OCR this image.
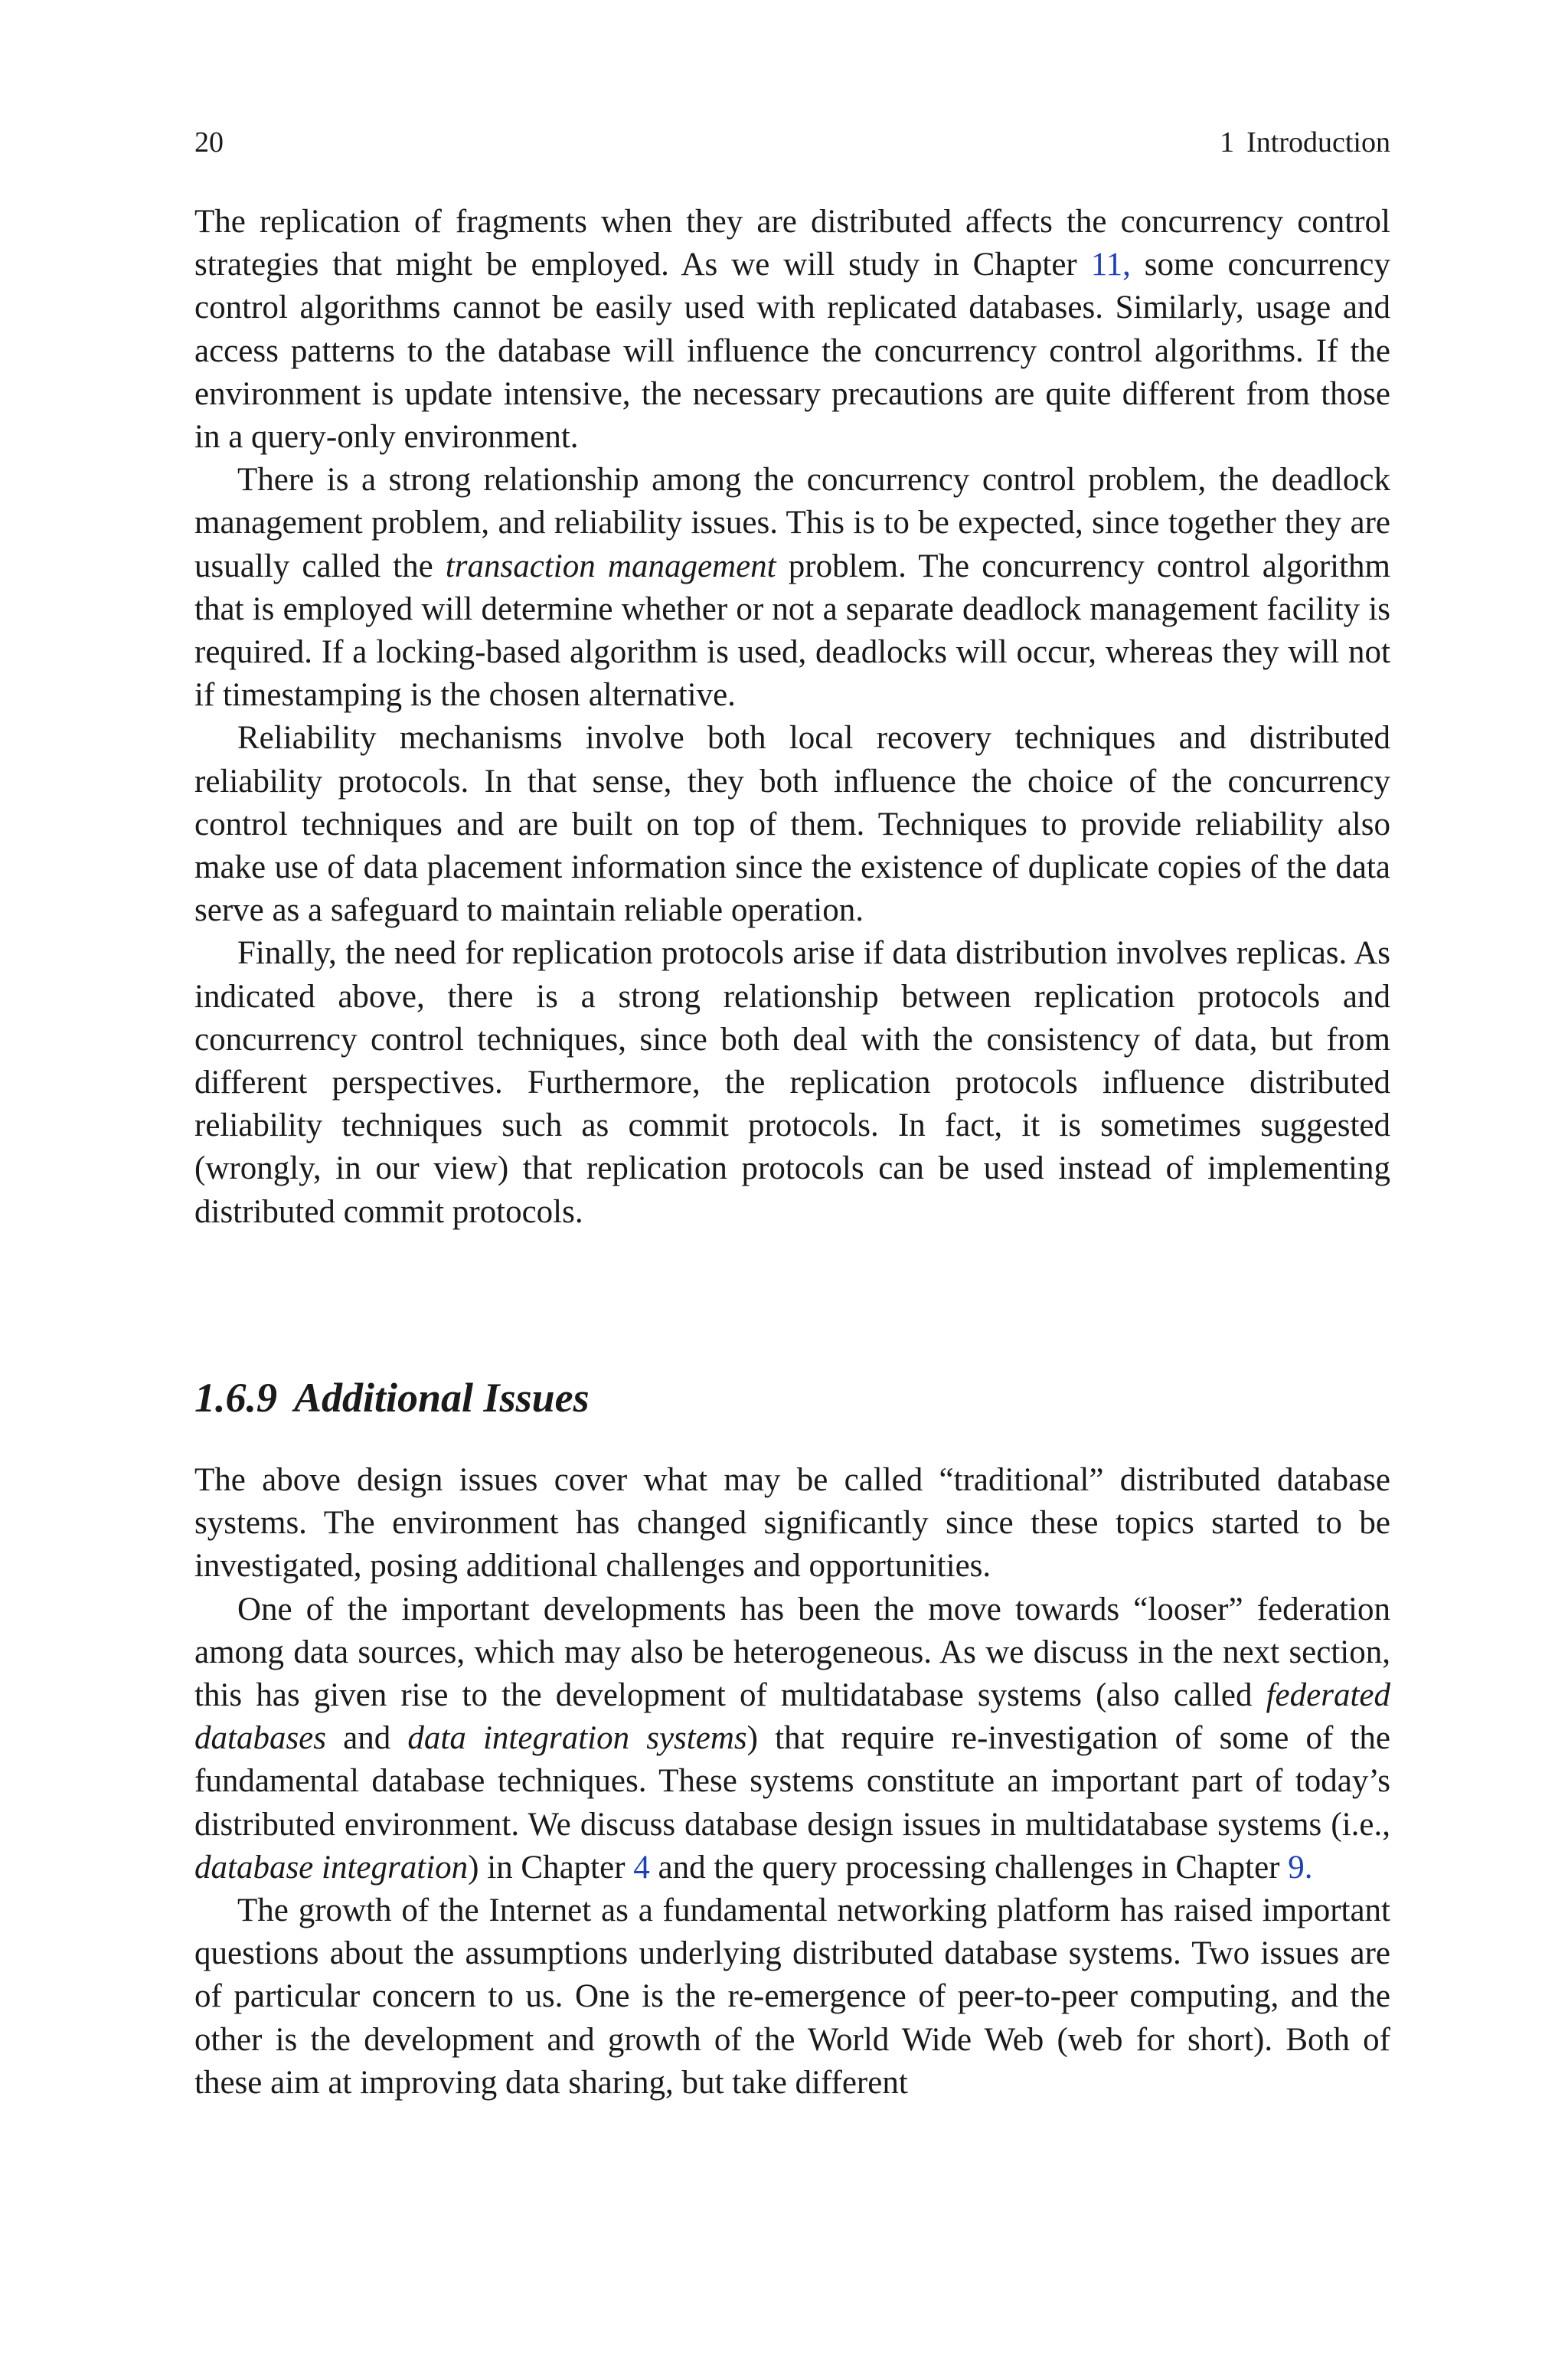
20	1 Introduction

The replication of fragments when they are distributed affects the concurrency control strategies that might be employed. As we will study in Chapter 11, some concurrency control algorithms cannot be easily used with replicated databases. Similarly, usage and access patterns to the database will influence the concurrency control algorithms. If the environment is update intensive, the necessary precautions are quite different from those in a query-only environment.

There is a strong relationship among the concurrency control problem, the deadlock management problem, and reliability issues. This is to be expected, since together they are usually called the transaction management problem. The concurrency control algorithm that is employed will determine whether or not a separate deadlock management facility is required. If a locking-based algorithm is used, deadlocks will occur, whereas they will not if timestamping is the chosen alternative.

Reliability mechanisms involve both local recovery techniques and distributed reliability protocols. In that sense, they both influence the choice of the concurrency control techniques and are built on top of them. Techniques to provide reliability also make use of data placement information since the existence of duplicate copies of the data serve as a safeguard to maintain reliable operation.

Finally, the need for replication protocols arise if data distribution involves replicas. As indicated above, there is a strong relationship between replication protocols and concurrency control techniques, since both deal with the consistency of data, but from different perspectives. Furthermore, the replication protocols influence distributed reliability techniques such as commit protocols. In fact, it is sometimes suggested (wrongly, in our view) that replication protocols can be used instead of implementing distributed commit protocols.

1.6.9 Additional Issues

The above design issues cover what may be called “traditional” distributed database systems. The environment has changed significantly since these topics started to be investigated, posing additional challenges and opportunities.

One of the important developments has been the move towards “looser” federation among data sources, which may also be heterogeneous. As we discuss in the next section, this has given rise to the development of multidatabase systems (also called federated databases and data integration systems) that require re-investigation of some of the fundamental database techniques. These systems constitute an important part of today’s distributed environment. We discuss database design issues in multidatabase systems (i.e., database integration) in Chapter 4 and the query processing challenges in Chapter 9.

The growth of the Internet as a fundamental networking platform has raised important questions about the assumptions underlying distributed database systems. Two issues are of particular concern to us. One is the re-emergence of peer-to-peer computing, and the other is the development and growth of the World Wide Web (web for short). Both of these aim at improving data sharing, but take different
